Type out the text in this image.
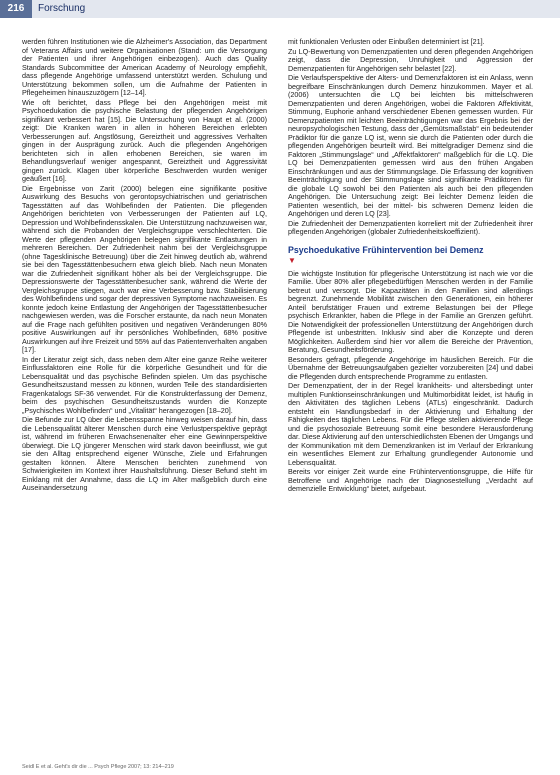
216	Forschung

werden führen Institutionen wie die Alzheimer's Association, das Department of Veterans Affairs und weitere Organisationen (Stand: um die Versorgung der Patienten und ihrer Angehörigen einbezogen). Auch das Quality Standards Subcommittee der American Academy of Neurology empfiehlt, dass pflegende Angehörige umfassend unterstützt werden. Schulung und Unterstützung bekommen sollen, um die Aufnahme der Patienten in Pflegeheimen hinauszuzögern [12–14].

Wie oft berichtet, dass Pflege bei den Angehörigen meist mit Psychoedukation die psychische Belastung der pflegenden Angehörigen signifikant verbessert hat [15]. Die Untersuchung von Haupt et al. (2000) zeigt: Die Kranken waren in allen in höheren Bereichen erlebten Verbesserungen auf. Angstlösung, Gereiztheit und aggressives Verhalten gingen in der Ausprägung zurück. Auch die pflegenden Angehörigen berichteten sich in allen erhobenen Bereichen, sie waren im Behandlungsverlauf weniger angespannt, Gereiztheit und Aggressivität gingen zurück. Klagen über körperliche Beschwerden wurden weniger geäußert [16].

Die Ergebnisse von Zarit (2000) belegen eine signifikante positive Auswirkung des Besuchs von gerontopsychiatrischen und geriatrischen Tagesstätten auf das Wohlbefinden der Patienten. Die pflegenden Angehörigen berichteten von Verbesserungen der Patienten auf LQ, Depression und Wohlbefindensskalen. Die Unterstützung nachzuweisen war, während sich die Probanden der Vergleichsgruppe verschlechterten. Die Werte der pflegenden Angehörigen belegen signifikante Entlastungen in mehreren Bereichen. Der Zufriedenheit nahm bei der Vergleichsgruppe (ohne Tagesklinische Betreuung) über die Zeit hinweg deutlich ab, während sie bei den Tagesstättenbesuchern etwa gleich blieb. Nach neun Monaten war die Zufriedenheit signifikant höher als bei der Vergleichsgruppe. Die Depressionswerte der Tagesstättenbesucher sank, während die Werte der Vergleichsgruppe stiegen, auch war eine Verbesserung bzw. Stabilisierung des Wohlbefindens und sogar der depressiven Symptome nachzuweisen. Es konnte jedoch keine Entlastung der Angehörigen der Tagesstättenbesucher nachgewiesen werden, was die Forscher erstaunte, da nach neun Monaten auf die Frage nach gefühlten positiven und negativen Veränderungen 80% positive Auswirkungen auf ihr persönliches Wohlbefinden, 68% positive Auswirkungen auf ihre Freizeit und 55% auf das Patientenverhalten angaben [17].

In der Literatur zeigt sich, dass neben dem Alter eine ganze Reihe weiterer Einflussfaktoren eine Rolle für die körperliche Gesundheit und für die Lebensqualität und das psychische Befinden spielen. Um das psychische Gesundheitszustand messen zu können, wurden Teile des standardisierten Fragenkatalogs SF-36 verwendet. Für die Konstrukterfassung der Demenz, beim des psychischen Gesundheitszustands wurden die Konzepte „Psychisches Wohlbefinden“ und „Vitalität“ herangezogen [18–20].

Die Befunde zur LQ über die Lebensspanne hinweg weisen darauf hin, dass die Lebensqualität älterer Menschen durch eine Verlustperspektive geprägt ist, während im früheren Erwachsenenalter eher eine Gewinnperspektive überwiegt. Die LQ jüngerer Menschen wird stark davon beeinflusst, wie gut sie den Alltag entsprechend eigener Wünsche, Ziele und Erfahrungen gestalten können. Ältere Menschen berichten zunehmend von Schwierigkeiten im Kontext ihrer Haushaltsführung. Dieser Befund steht im Einklang mit der Annahme, dass die LQ im Alter maßgeblich durch eine Auseinandersetzung

mit funktionalen Verlusten oder Einbußen determiniert ist [21].

Zu LQ-Bewertung von Demenzpatienten und deren pflegenden Angehörigen zeigt, dass die Depression, Unruhigkeit und Aggression der Demenzpatienten für Angehörigen sehr belastet [22].

Die Verlaufsperspektive der Alters- und Demenzfaktoren ist ein Anlass, wenn begreifbare Einschränkungen durch Demenz hinzukommen. Mayer et al. (2006) untersuchten die LQ bei leichten bis mittelschweren Demenzpatienten und deren Angehörigen, wobei die Faktoren Affektivität, Stimmung, Euphorie anhand verschiedener Ebenen gemessen wurden. Für Demenzpatienten mit leichten Beeinträchtigungen war das Ergebnis bei der neuropsychologischen Testung, dass der „Gemütsmaßstab“ ein bedeutender Prädiktor für die ganze LQ ist, wenn sie durch die Patienten oder durch die pflegenden Angehörigen beurteilt wird. Bei mittelgradiger Demenz sind die Faktoren „Stimmungslage“ und „Affektfaktoren“ maßgeblich für die LQ. Die LQ bei Demenzpatienten gemessen wird aus den frühen Angaben Einschränkungen und aus der Stimmungslage. Die Erfassung der kognitiven Beeinträchtigung und der Stimmungslage sind signifikante Prädiktoren für die globale LQ sowohl bei den Patienten als auch bei den pflegenden Angehörigen. Die Untersuchung zeigt: Bei leichter Demenz leiden die Patienten wesentlich, bei der mittel- bis schweren Demenz leiden die Angehörigen und deren LQ [23].

Die Zufriedenheit der Demenzpatienten korreliert mit der Zufriedenheit ihrer pflegenden Angehörigen (globaler Zufriedenheitskoeffizient).

Psychoedukative Frühintervention bei Demenz
▼

Die wichtigste Institution für pflegerische Unterstützung ist nach wie vor die Familie. Über 80% aller pflegebedürftigen Menschen werden in der Familie betreut und versorgt. Die Kapazitäten in den Familien sind allerdings begrenzt. Zunehmende Mobilität zwischen den Generationen, ein höherer Anteil berufstätiger Frauen und extreme Belastungen bei der Pflege psychisch Erkrankter, haben die Pflege in der Familie an Grenzen geführt. Die Notwendigkeit der professionellen Unterstützung der Angehörigen durch Pflegende ist unbestritten. Inklusiv sind aber die Konzepte und deren Möglichkeiten. Außerdem sind hier vor allem die Bereiche der Prävention, Beratung, Gesundheitsförderung.

Besonders gefragt, pflegende Angehörige im häuslichen Bereich. Für die Übernahme der Betreuungsaufgaben gezielter vorzubereiten [24] und dabei die Pflegenden durch entsprechende Programme zu entlasten.

Der Demenzpatient, der in der Regel krankheits- und altersbedingt unter multiplen Funktionseinschränkungen und Multimorbidität leidet, ist häufig in den Aktivitäten des täglichen Lebens (ATLs) eingeschränkt. Dadurch entsteht ein Handlungsbedarf in der Aktivierung und Erhaltung der Fähigkeiten des täglichen Lebens. Für die Pflege stellen aktivierende Pflege und die psychosoziale Betreuung somit eine besondere Herausforderung dar. Diese Aktivierung auf den unterschiedlichsten Ebenen der Umgangs und der Kommunikation mit dem Demenzkranken ist im Verlauf der Erkrankung ein wesentliches Element zur Erhaltung grundlegender Autonomie und Lebensqualität.

Bereits vor einiger Zeit wurde eine Frühinterventionsgruppe, die Hilfe für Betroffene und Angehörige nach der Diagnosestellung „Verdacht auf demenzielle Entwicklung“ bietet, aufgebaut.

Seidl E et al. Geht's dir die ... Psych Pflege 2007; 13: 214–219
